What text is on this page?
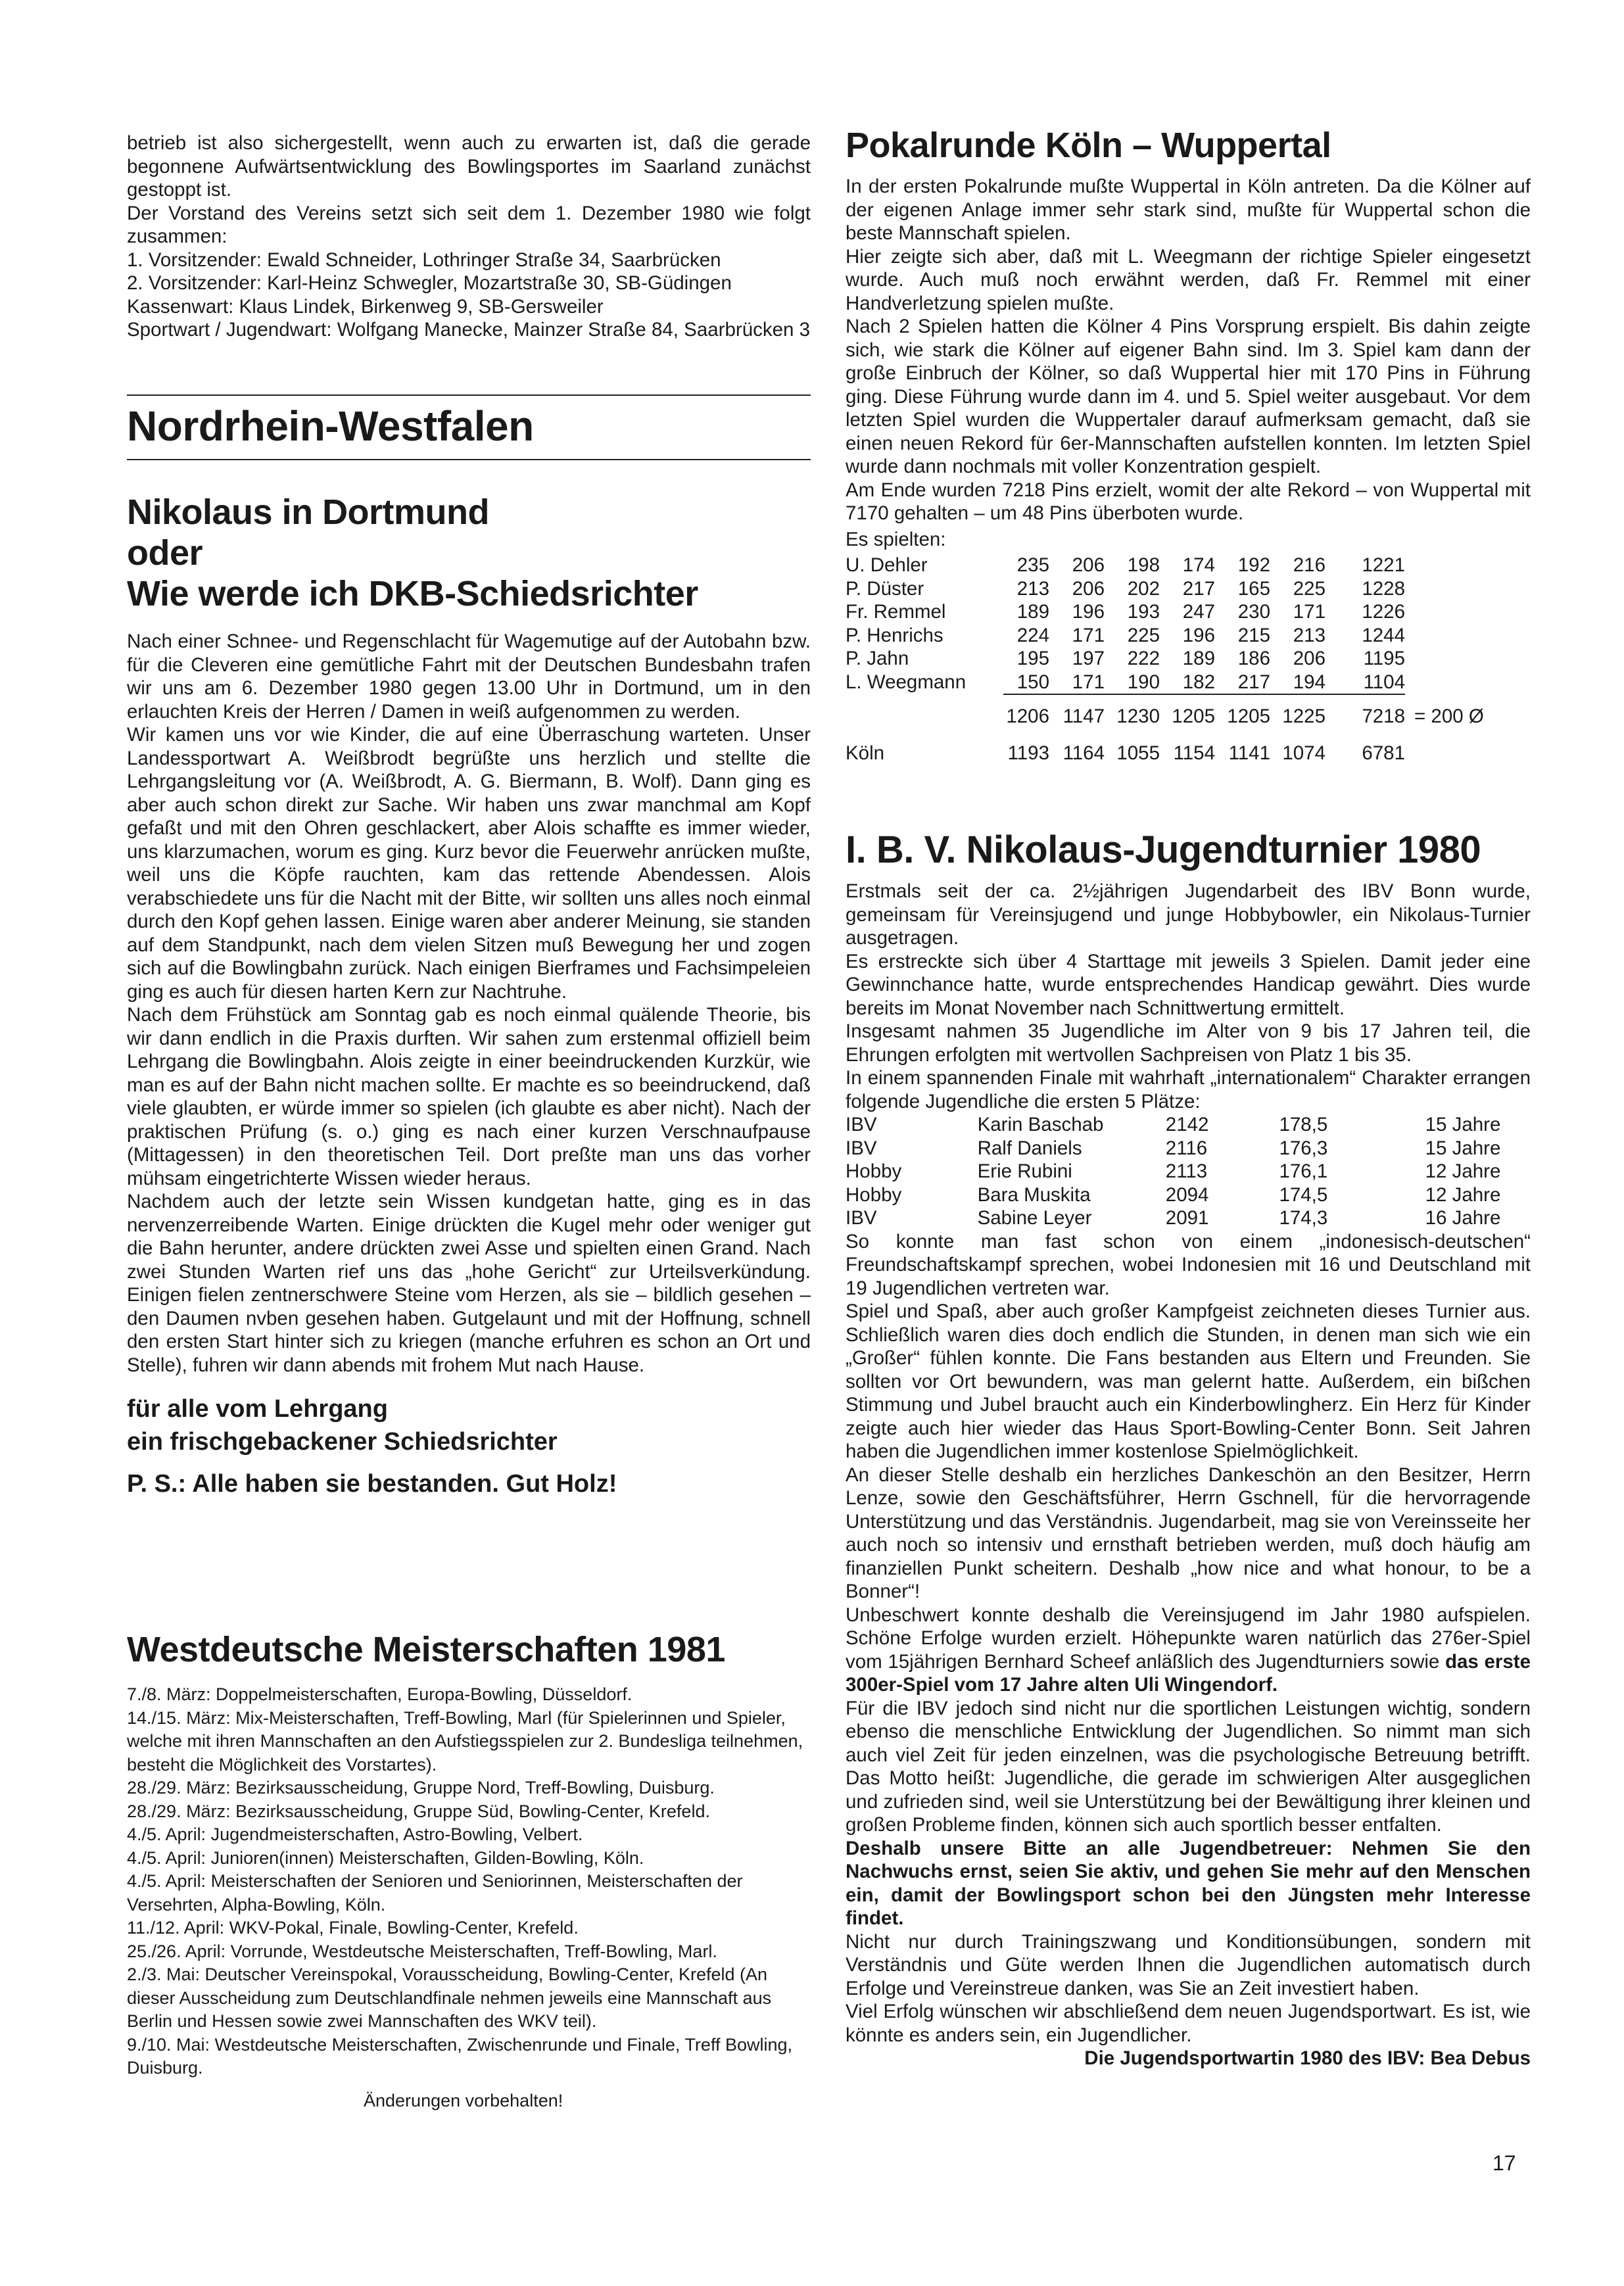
betrieb ist also sichergestellt, wenn auch zu erwarten ist, daß die gerade begonnene Aufwärtsentwicklung des Bowlingsportes im Saarland zunächst gestoppt ist.

Der Vorstand des Vereins setzt sich seit dem 1. Dezember 1980 wie folgt zusammen:

1. Vorsitzender: Ewald Schneider, Lothringer Straße 34, Saarbrücken

2. Vorsitzender: Karl-Heinz Schwegler, Mozartstraße 30, SB-Güdingen

Kassenwart: Klaus Lindek, Birkenweg 9, SB-Gersweiler

Sportwart / Jugendwart: Wolfgang Manecke, Mainzer Straße 84, Saarbrücken 3

Nordrhein-Westfalen
Nikolaus in Dortmund
oder
Wie werde ich DKB-Schiedsrichter

Nach einer Schnee- und Regenschlacht für Wagemutige auf der Autobahn bzw. für die Cleveren eine gemütliche Fahrt mit der Deutschen Bundesbahn trafen wir uns am 6. Dezember 1980 gegen 13.00 Uhr in Dortmund, um in den erlauchten Kreis der Herren / Damen in weiß aufgenommen zu werden.

Wir kamen uns vor wie Kinder, die auf eine Überraschung warteten. Unser Landessportwart A. Weißbrodt begrüßte uns herzlich und stellte die Lehrgangsleitung vor (A. Weißbrodt, A. G. Biermann, B. Wolf). Dann ging es aber auch schon direkt zur Sache. Wir haben uns zwar manchmal am Kopf gefaßt und mit den Ohren geschlackert, aber Alois schaffte es immer wieder, uns klarzumachen, worum es ging. Kurz bevor die Feuerwehr anrücken mußte, weil uns die Köpfe rauchten, kam das rettende Abendessen. Alois verabschiedete uns für die Nacht mit der Bitte, wir sollten uns alles noch einmal durch den Kopf gehen lassen. Einige waren aber anderer Meinung, sie standen auf dem Standpunkt, nach dem vielen Sitzen muß Bewegung her und zogen sich auf die Bowlingbahn zurück. Nach einigen Bierframes und Fachsimpeleien ging es auch für diesen harten Kern zur Nachtruhe.

Nach dem Frühstück am Sonntag gab es noch einmal quälende Theorie, bis wir dann endlich in die Praxis durften. Wir sahen zum erstenmal offiziell beim Lehrgang die Bowlingbahn. Alois zeigte in einer beeindruckenden Kurzkür, wie man es auf der Bahn nicht machen sollte. Er machte es so beeindruckend, daß viele glaubten, er würde immer so spielen (ich glaubte es aber nicht). Nach der praktischen Prüfung (s. o.) ging es nach einer kurzen Verschnaufpause (Mittagessen) in den theoretischen Teil. Dort preßte man uns das vorher mühsam eingetrichterte Wissen wieder heraus.

Nachdem auch der letzte sein Wissen kundgetan hatte, ging es in das nervenzerreibende Warten. Einige drückten die Kugel mehr oder weniger gut die Bahn herunter, andere drückten zwei Asse und spielten einen Grand. Nach zwei Stunden Warten rief uns das „hohe Gericht“ zur Urteilsverkündung. Einigen fielen zentnerschwere Steine vom Herzen, als sie – bildlich gesehen – den Daumen nvben gesehen haben. Gutgelaunt und mit der Hoffnung, schnell den ersten Start hinter sich zu kriegen (manche erfuhren es schon an Ort und Stelle), fuhren wir dann abends mit frohem Mut nach Hause.

für alle vom Lehrgang
ein frischgebackener Schiedsrichter
P. S.: Alle haben sie bestanden. Gut Holz!
Westdeutsche Meisterschaften 1981

7./8. März: Doppelmeisterschaften, Europa-Bowling, Düsseldorf.

14./15. März: Mix-Meisterschaften, Treff-Bowling, Marl (für Spielerinnen und Spieler, welche mit ihren Mannschaften an den Aufstiegsspielen zur 2. Bundesliga teilnehmen, besteht die Möglichkeit des Vorstartes).

28./29. März: Bezirksausscheidung, Gruppe Nord, Treff-Bowling, Duisburg.

28./29. März: Bezirksausscheidung, Gruppe Süd, Bowling-Center, Krefeld.

4./5. April: Jugendmeisterschaften, Astro-Bowling, Velbert.

4./5. April: Junioren(innen) Meisterschaften, Gilden-Bowling, Köln.

4./5. April: Meisterschaften der Senioren und Seniorinnen, Meisterschaften der Versehrten, Alpha-Bowling, Köln.

11./12. April: WKV-Pokal, Finale, Bowling-Center, Krefeld.

25./26. April: Vorrunde, Westdeutsche Meisterschaften, Treff-Bowling, Marl.

2./3. Mai: Deutscher Vereinspokal, Vorausscheidung, Bowling-Center, Krefeld (An dieser Ausscheidung zum Deutschlandfinale nehmen jeweils eine Mannschaft aus Berlin und Hessen sowie zwei Mannschaften des WKV teil).

9./10. Mai: Westdeutsche Meisterschaften, Zwischenrunde und Finale, Treff Bowling, Duisburg.

Änderungen vorbehalten!
Pokalrunde Köln – Wuppertal

In der ersten Pokalrunde mußte Wuppertal in Köln antreten. Da die Kölner auf der eigenen Anlage immer sehr stark sind, mußte für Wuppertal schon die beste Mannschaft spielen.

Hier zeigte sich aber, daß mit L. Weegmann der richtige Spieler eingesetzt wurde. Auch muß noch erwähnt werden, daß Fr. Remmel mit einer Handverletzung spielen mußte.

Nach 2 Spielen hatten die Kölner 4 Pins Vorsprung erspielt. Bis dahin zeigte sich, wie stark die Kölner auf eigener Bahn sind. Im 3. Spiel kam dann der große Einbruch der Kölner, so daß Wuppertal hier mit 170 Pins in Führung ging. Diese Führung wurde dann im 4. und 5. Spiel weiter ausgebaut. Vor dem letzten Spiel wurden die Wuppertaler darauf aufmerksam gemacht, daß sie einen neuen Rekord für 6er-Mannschaften aufstellen konnten. Im letzten Spiel wurde dann nochmals mit voller Konzentration gespielt.

Am Ende wurden 7218 Pins erzielt, womit der alte Rekord – von Wuppertal mit 7170 gehalten – um 48 Pins überboten wurde.

Es spielten:
U. Dehler	235	206	198	174	192	216	1221	
P. Düster	213	206	202	217	165	225	1228	
Fr. Remmel	189	196	193	247	230	171	1226	
P. Henrichs	224	171	225	196	215	213	1244	
P. Jahn	195	197	222	189	186	206	1195	
L. Weegmann	150	171	190	182	217	194	1104	
	1206	1147	1230	1205	1205	1225	7218	= 200 Ø
Köln	1193	1164	1055	1154	1141	1074	6781	
I. B. V. Nikolaus-Jugendturnier 1980

Erstmals seit der ca. 2½jährigen Jugendarbeit des IBV Bonn wurde, gemeinsam für Vereinsjugend und junge Hobbybowler, ein Nikolaus-Turnier ausgetragen.

Es erstreckte sich über 4 Starttage mit jeweils 3 Spielen. Damit jeder eine Gewinnchance hatte, wurde entsprechendes Handicap gewährt. Dies wurde bereits im Monat November nach Schnittwertung ermittelt.

Insgesamt nahmen 35 Jugendliche im Alter von 9 bis 17 Jahren teil, die Ehrungen erfolgten mit wertvollen Sachpreisen von Platz 1 bis 35.

In einem spannenden Finale mit wahrhaft „internationalem“ Charakter errangen folgende Jugendliche die ersten 5 Plätze:

IBV	Karin Baschab	2142	178,5	15 Jahre
IBV	Ralf Daniels	2116	176,3	15 Jahre
Hobby	Erie Rubini	2113	176,1	12 Jahre
Hobby	Bara Muskita	2094	174,5	12 Jahre
IBV	Sabine Leyer	2091	174,3	16 Jahre

So konnte man fast schon von einem „indonesisch-deutschen“ Freundschaftskampf sprechen, wobei Indonesien mit 16 und Deutschland mit 19 Jugendlichen vertreten war.

Spiel und Spaß, aber auch großer Kampfgeist zeichneten dieses Turnier aus. Schließlich waren dies doch endlich die Stunden, in denen man sich wie ein „Großer“ fühlen konnte. Die Fans bestanden aus Eltern und Freunden. Sie sollten vor Ort bewundern, was man gelernt hatte. Außerdem, ein bißchen Stimmung und Jubel braucht auch ein Kinderbowlingherz. Ein Herz für Kinder zeigte auch hier wieder das Haus Sport-Bowling-Center Bonn. Seit Jahren haben die Jugendlichen immer kostenlose Spielmöglichkeit.

An dieser Stelle deshalb ein herzliches Dankeschön an den Besitzer, Herrn Lenze, sowie den Geschäftsführer, Herrn Gschnell, für die hervorragende Unterstützung und das Verständnis. Jugendarbeit, mag sie von Vereinsseite her auch noch so intensiv und ernsthaft betrieben werden, muß doch häufig am finanziellen Punkt scheitern. Deshalb „how nice and what honour, to be a Bonner“!

Unbeschwert konnte deshalb die Vereinsjugend im Jahr 1980 aufspielen. Schöne Erfolge wurden erzielt. Höhepunkte waren natürlich das 276er-Spiel vom 15jährigen Bernhard Scheef anläßlich des Jugendturniers sowie das erste 300er-Spiel vom 17 Jahre alten Uli Wingendorf.

Für die IBV jedoch sind nicht nur die sportlichen Leistungen wichtig, sondern ebenso die menschliche Entwicklung der Jugendlichen. So nimmt man sich auch viel Zeit für jeden einzelnen, was die psychologische Betreuung betrifft. Das Motto heißt: Jugendliche, die gerade im schwierigen Alter ausgeglichen und zufrieden sind, weil sie Unterstützung bei der Bewältigung ihrer kleinen und großen Probleme finden, können sich auch sportlich besser entfalten.

Deshalb unsere Bitte an alle Jugendbetreuer: Nehmen Sie den Nachwuchs ernst, seien Sie aktiv, und gehen Sie mehr auf den Menschen ein, damit der Bowlingsport schon bei den Jüngsten mehr Interesse findet.

Nicht nur durch Trainingszwang und Konditionsübungen, sondern mit Verständnis und Güte werden Ihnen die Jugendlichen automatisch durch Erfolge und Vereinstreue danken, was Sie an Zeit investiert haben.

Viel Erfolg wünschen wir abschließend dem neuen Jugendsportwart. Es ist, wie könnte es anders sein, ein Jugendlicher.

Die Jugendsportwartin 1980 des IBV: Bea Debus
17
